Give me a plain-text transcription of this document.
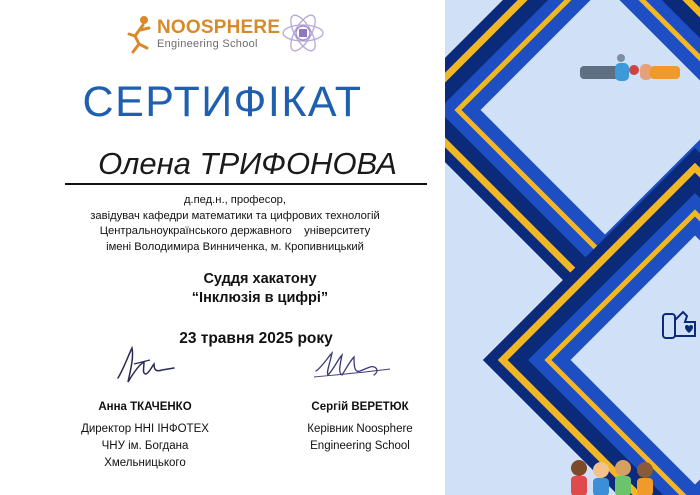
NOOSPHERE
Engineering School
СЕРТИФІКАТ
Олена ТРИФОНОВА
д.пед.н., професор,
завідувач кафедри математики та цифрових технологій
Центральноукраїнського державного    університету
імені Володимира Винниченка, м. Кропивницький
Суддя хакатону
“Інклюзія в цифрі”
23 травня 2025 року
Анна ТКАЧЕНКО
Директор ННІ ІНФОТЕХ
ЧНУ ім. Богдана
Хмельницького
Сергій ВЕРЕТЮК
Керівник Noosphere
Engineering School
